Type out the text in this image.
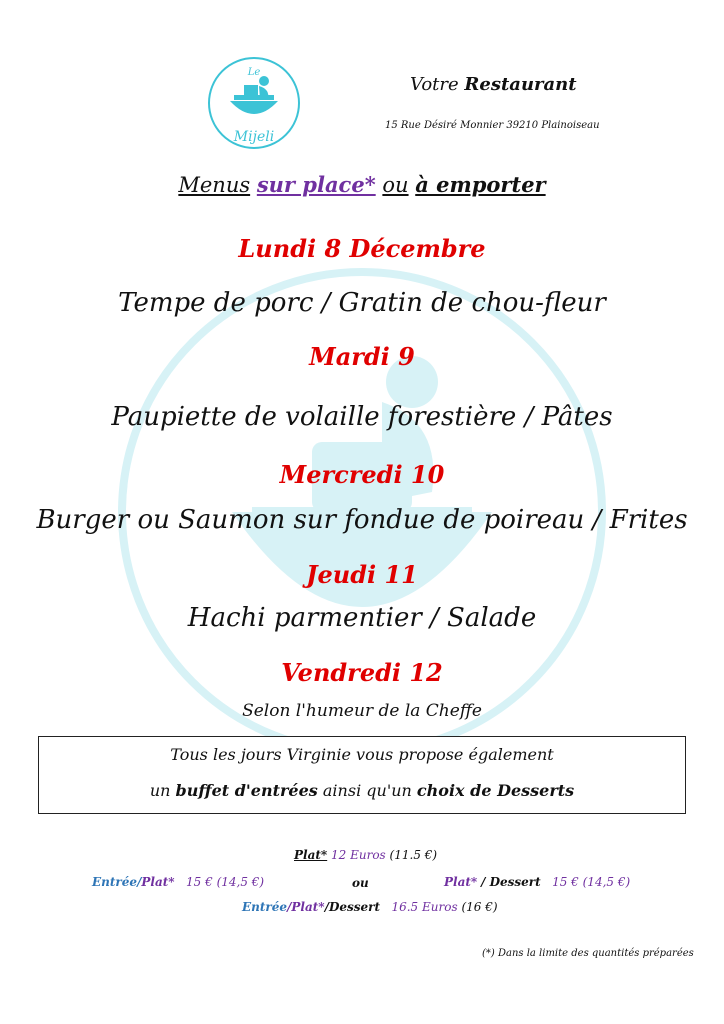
Le
Mijeli
Votre Restaurant
15 Rue Désiré Monnier 39210 Plainoiseau
Menus sur place* ou à emporter
Lundi 8 Décembre
Tempe de porc / Gratin de chou-fleur
Mardi 9
Paupiette de volaille forestière / Pâtes
Mercredi 10
Burger ou Saumon sur fondue de poireau / Frites
Jeudi 11
Hachi parmentier / Salade
Vendredi 12
Selon l'humeur de la Cheffe
Tous les jours Virginie vous propose également
un buffet d'entrées ainsi qu'un choix de Desserts
Plat* 12 Euros (11.5 €)
Entrée/Plat* 15 € (14,5 €)	ou	Plat* / Dessert 15 € (14,5 €)
Entrée/Plat*/Dessert 16.5 Euros (16 €)
(*) Dans la limite des quantités préparées
